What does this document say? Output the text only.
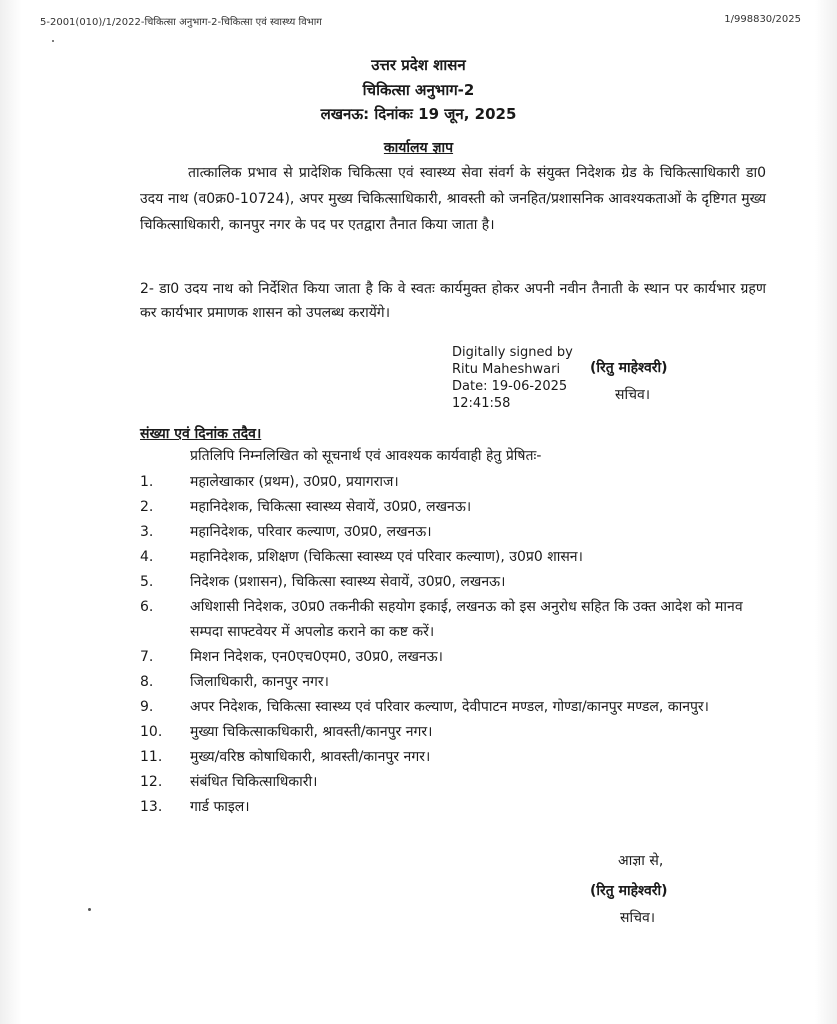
5-2001(010)/1/2022-चिकित्सा अनुभाग-2-चिकित्सा एवं स्वास्थ्य विभाग	1/998830/2025
उत्तर प्रदेश शासन
चिकित्सा अनुभाग-2
लखनऊ: दिनांकः 19 जून, 2025
कार्यालय ज्ञाप

तात्कालिक प्रभाव से प्रादेशिक चिकित्सा एवं स्वास्थ्य सेवा संवर्ग के संयुक्त निदेशक ग्रेड के चिकित्साधिकारी डा0 उदय नाथ (व0क्र0-10724), अपर मुख्य चिकित्साधिकारी, श्रावस्ती को जनहित/प्रशासनिक आवश्यकताओं के दृष्टिगत मुख्य चिकित्साधिकारी, कानपुर नगर के पद पर एतद्वारा तैनात किया जाता है।

2- डा0 उदय नाथ को निर्देशित किया जाता है कि वे स्वतः कार्यमुक्त होकर अपनी नवीन तैनाती के स्थान पर कार्यभार ग्रहण कर कार्यभार प्रमाणक शासन को उपलब्ध करायेंगे।

Digitally signed by
Ritu Maheshwari
Date: 19-06-2025
12:41:58
(रितु माहेश्वरी)
सचिव।
संख्या एवं दिनांक तदैव।
प्रतिलिपि निम्नलिखित को सूचनार्थ एवं आवश्यक कार्यवाही हेतु प्रेषितः-
1.	महालेखाकार (प्रथम), उ0प्र0, प्रयागराज।
2.	महानिदेशक, चिकित्सा स्वास्थ्य सेवायें, उ0प्र0, लखनऊ।
3.	महानिदेशक, परिवार कल्याण, उ0प्र0, लखनऊ।
4.	महानिदेशक, प्रशिक्षण (चिकित्सा स्वास्थ्य एवं परिवार कल्याण), उ0प्र0 शासन।
5.	निदेशक (प्रशासन), चिकित्सा स्वास्थ्य सेवायें, उ0प्र0, लखनऊ।
6.	अधिशासी निदेशक, उ0प्र0 तकनीकी सहयोग इकाई, लखनऊ को इस अनुरोध सहित कि उक्त आदेश को मानव सम्पदा साफ्टवेयर में अपलोड कराने का कष्ट करें।
7.	मिशन निदेशक, एन0एच0एम0, उ0प्र0, लखनऊ।
8.	जिलाधिकारी, कानपुर नगर।
9.	अपर निदेशक, चिकित्सा स्वास्थ्य एवं परिवार कल्याण, देवीपाटन मण्डल, गोण्डा/कानपुर मण्डल, कानपुर।
10.	मुख्या चिकित्साकधिकारी, श्रावस्ती/कानपुर नगर।
11.	मुख्य/वरिष्ठ कोषाधिकारी, श्रावस्ती/कानपुर नगर।
12.	संबंधित चिकित्साधिकारी।
13.	गार्ड फाइल।
आज्ञा से,
(रितु माहेश्वरी)
सचिव।
